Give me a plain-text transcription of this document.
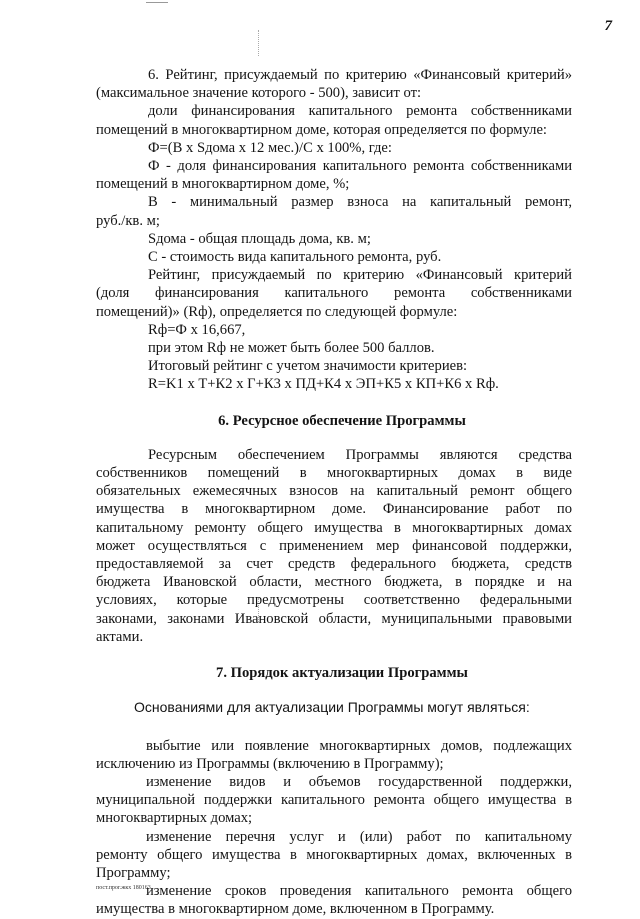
7
6. Рейтинг, присуждаемый по критерию «Финансовый критерий»
(максимальное значение которого - 500), зависит от:
доли финансирования капитального ремонта собственниками
помещений в многоквартирном доме, которая определяется по формуле:
Ф=(В х Sдома х 12 мес.)/С х 100%, где:
Ф - доля финансирования капитального ремонта собственниками
помещений в многоквартирном доме, %;
В - минимальный размер взноса на капитальный ремонт,
руб./кв. м;
Sдома - общая площадь дома, кв. м;
С - стоимость вида капитального ремонта, руб.
Рейтинг, присуждаемый по критерию «Финансовый критерий
(доля финансирования капитального ремонта собственниками
помещений)» (Rф), определяется по следующей формуле:
Rф=Ф х 16,667,
при этом Rф не может быть более 500 баллов.
Итоговый рейтинг с учетом значимости критериев:
R=K1 х Т+К2 х Г+К3 х ПД+К4 х ЭП+К5 х КП+К6 х Rф.
6. Ресурсное обеспечение Программы
Ресурсным обеспечением Программы являются средства
собственников помещений в многоквартирных домах в виде
обязательных ежемесячных взносов на капитальный ремонт общего
имущества в многоквартирном доме. Финансирование работ по
капитальному ремонту общего имущества в многоквартирных домах
может осуществляться с применением мер финансовой поддержки,
предоставляемой за счет средств федерального бюджета, средств
бюджета Ивановской области, местного бюджета, в порядке и на
условиях, которые предусмотрены соответственно федеральными
законами, законами Ивановской области, муниципальными правовыми
актами.
7. Порядок актуализации Программы
Основаниями для актуализации Программы могут являться:
выбытие или появление многоквартирных домов, подлежащих
исключению из Программы (включению в Программу);
изменение видов и объемов государственной поддержки,
муниципальной поддержки капитального ремонта общего имущества в
многоквартирных домах;
изменение перечня услуг и (или) работ по капитальному
ремонту общего имущества в многоквартирных домах, включенных в
Программу;
изменение сроков проведения капитального ремонта общего
имущества в многоквартирном доме, включенном в Программу.
пост.прог.жкх 180163
